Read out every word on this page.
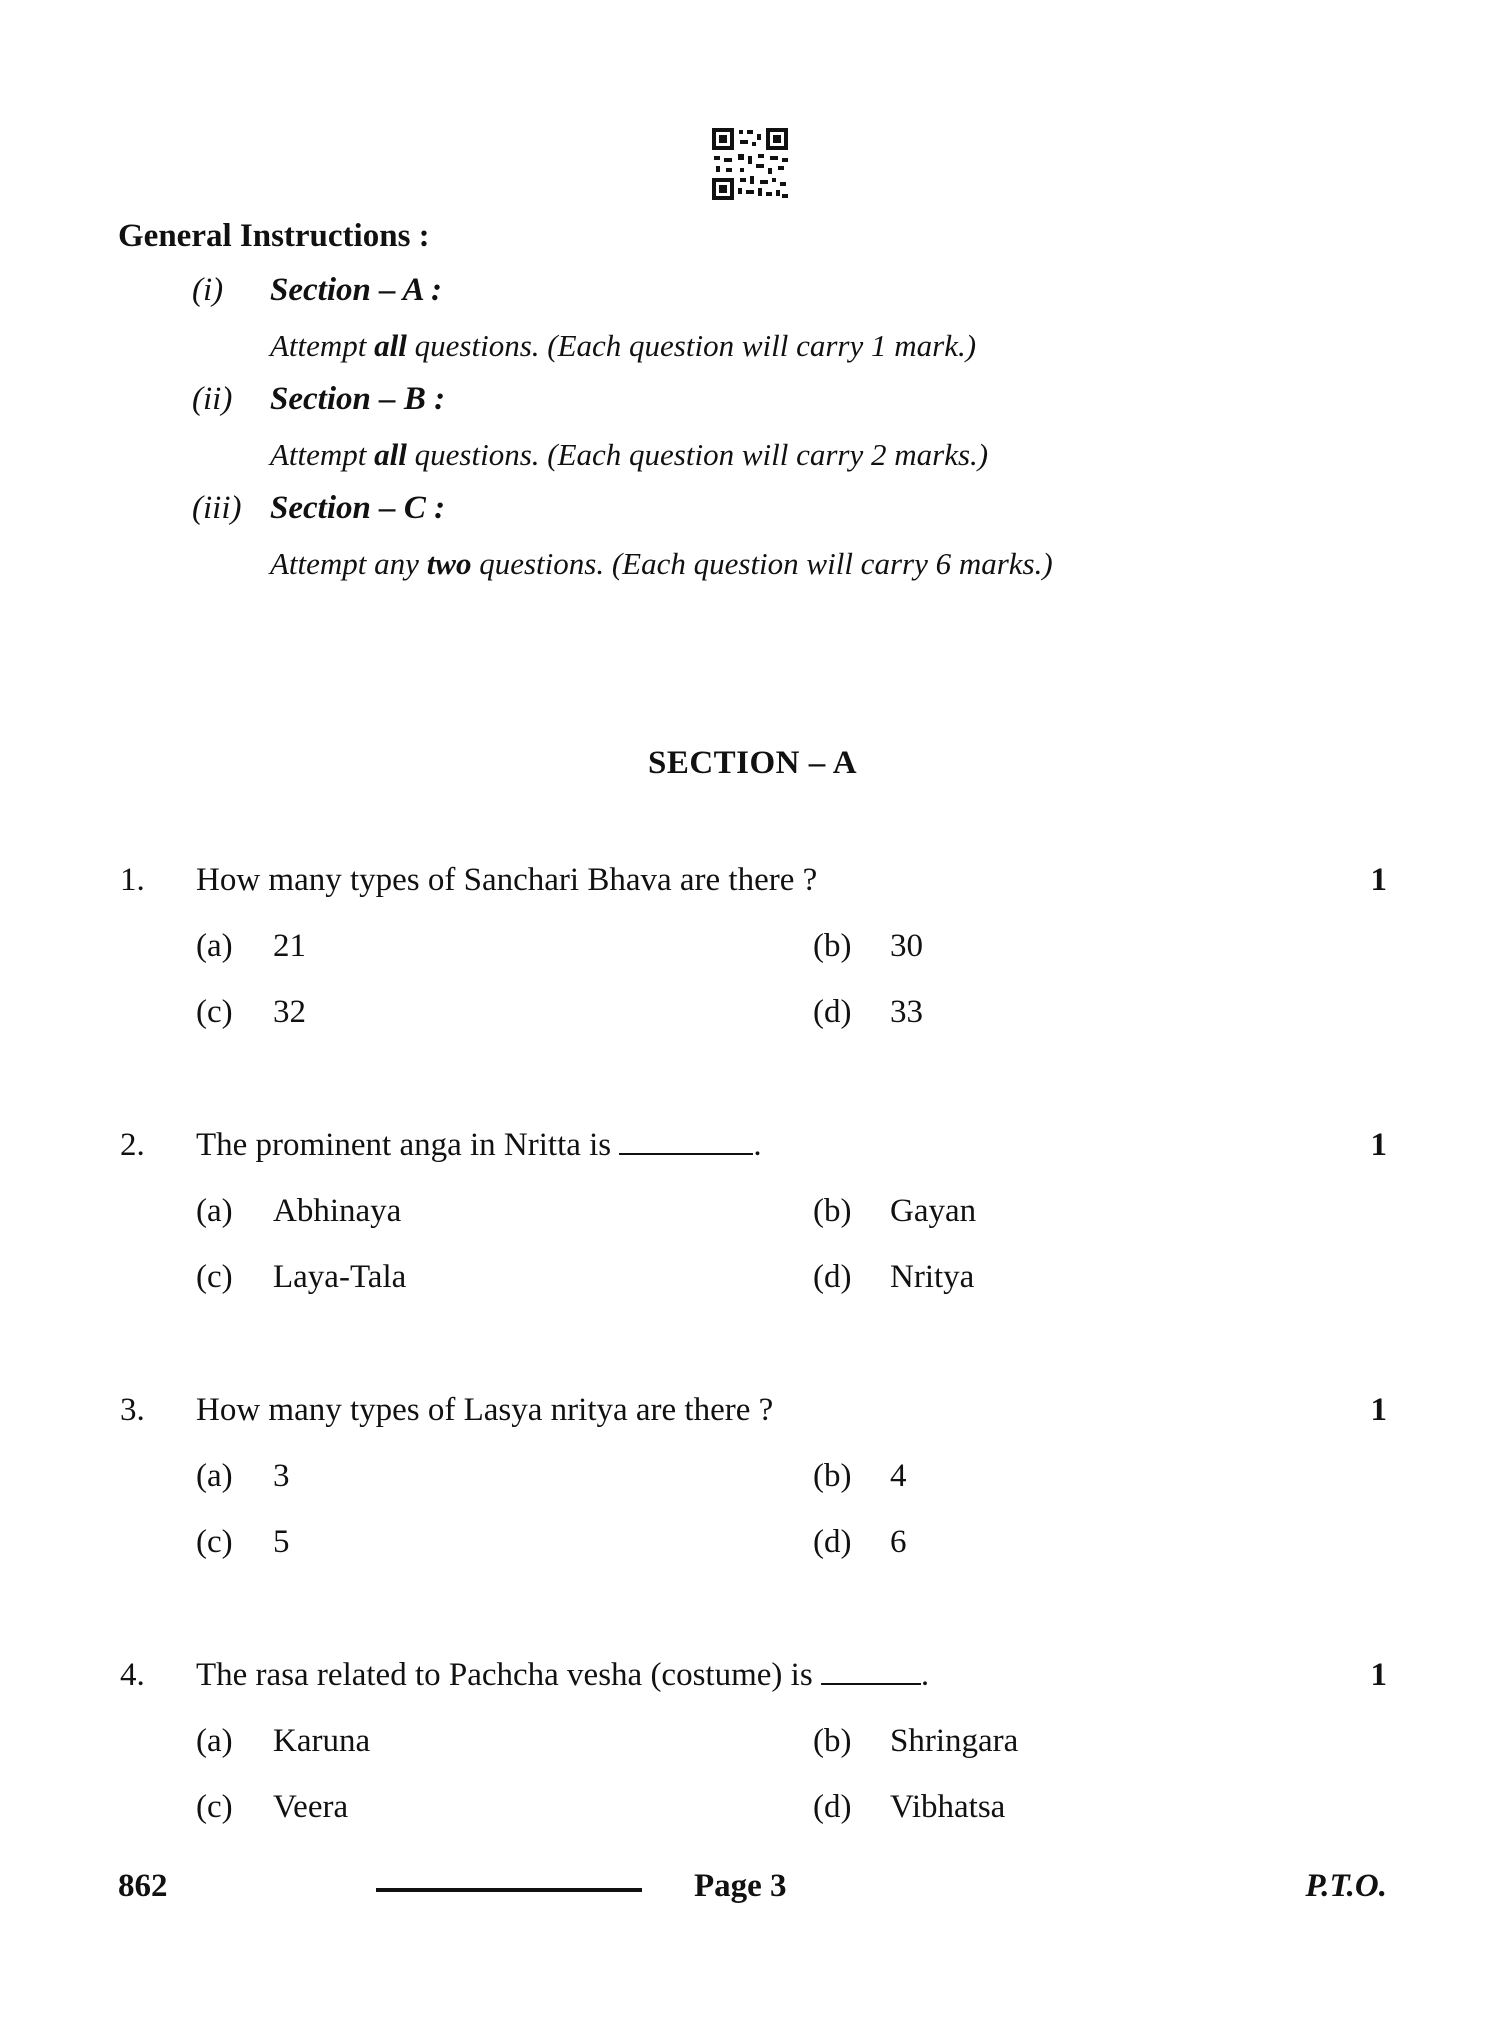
General Instructions :
(i) Section – A :
Attempt all questions. (Each question will carry 1 mark.)
(ii) Section – B :
Attempt all questions. (Each question will carry 2 marks.)
(iii) Section – C :
Attempt any two questions. (Each question will carry 6 marks.)
SECTION – A
1. How many types of Sanchari Bhava are there ?	1
(a) 21	(b) 30
(c) 32	(d) 33
2. The prominent anga in Nritta is	.	1
(a) Abhinaya	(b) Gayan
(c) Laya-Tala	(d) Nritya
3. How many types of Lasya nritya are there ?	1
(a) 3	(b) 4
(c) 5	(d) 6
4. The rasa related to Pachcha vesha (costume) is	.	1
(a) Karuna	(b) Shringara
(c) Veera	(d) Vibhatsa
862	Page 3	P.T.O.
